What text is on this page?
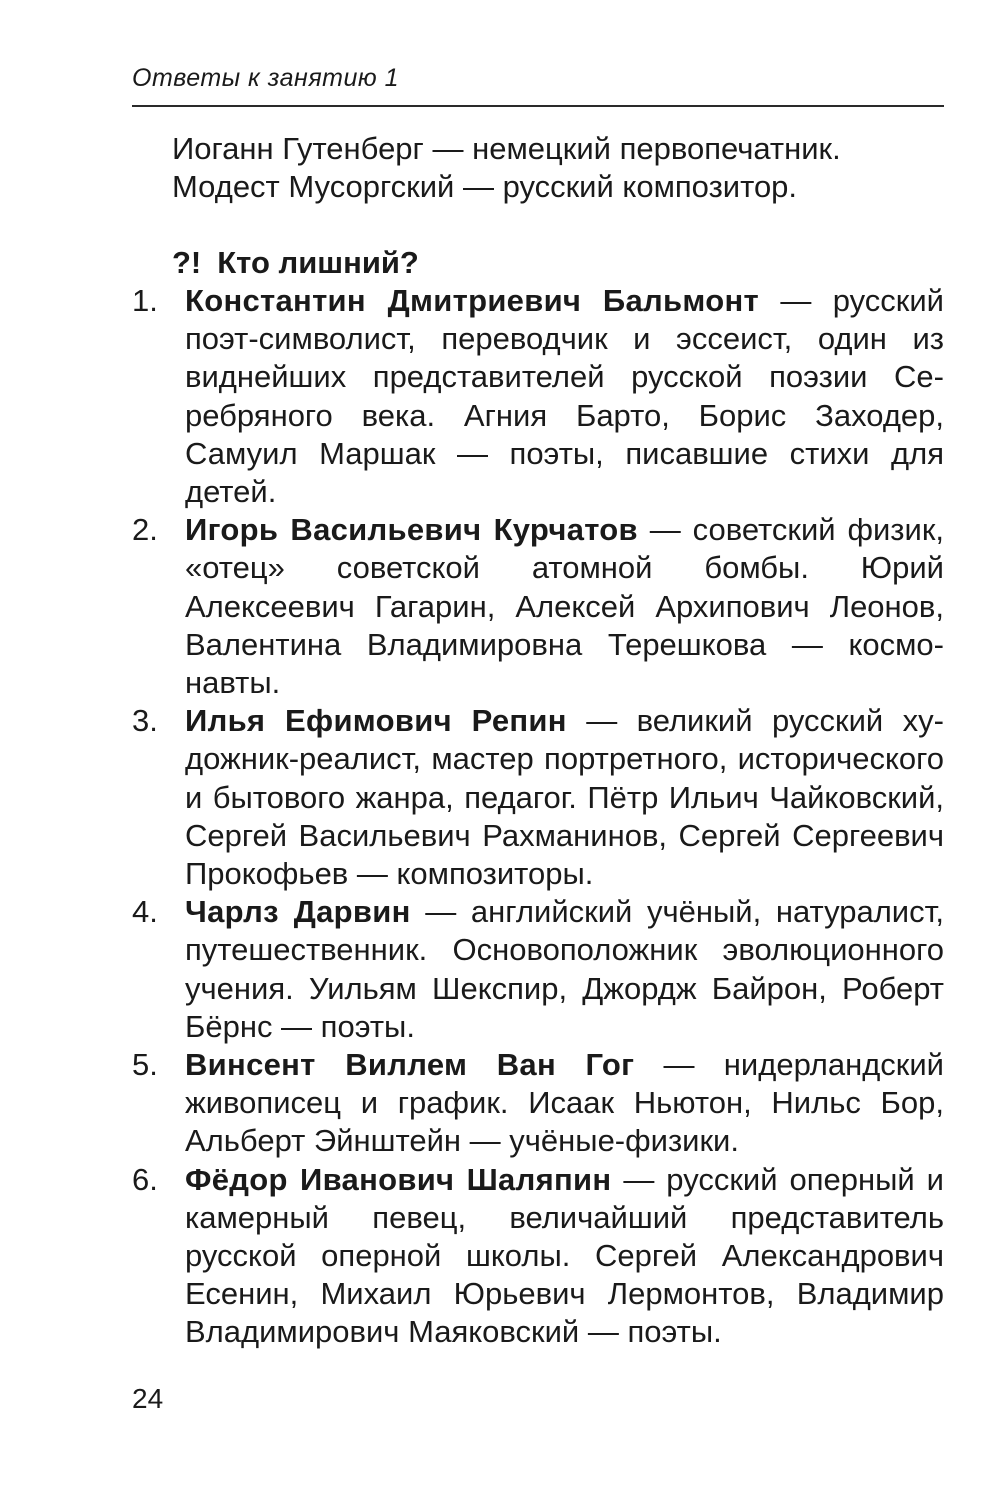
Ответы к занятию 1

Иоганн Гутенберг — немецкий первопечатник.

Модест Мусоргский — русский композитор.

?! Кто лишний?
1. Константин Дмитриевич Бальмонт — русский поэт-символист, переводчик и эссеист, один из виднейших представителей русской поэзии Серебряного века. Агния Барто, Борис Заходер, Самуил Маршак — поэты, писавшие стихи для детей.
2. Игорь Васильевич Курчатов — советский физик, «отец» советской атомной бомбы. Юрий Алексеевич Гагарин, Алексей Архипович Леонов, Валентина Владимировна Терешкова — космонавты.
3. Илья Ефимович Репин — великий русский художник-реалист, мастер портретного, исторического и бытового жанра, педагог. Пётр Ильич Чайковский, Сергей Васильевич Рахманинов, Сергей Сергеевич Прокофьев — композиторы.
4. Чарлз Дарвин — английский учёный, натуралист, путешественник. Основоположник эволюционного учения. Уильям Шекспир, Джордж Байрон, Роберт Бёрнс — поэты.
5. Винсент Виллем Ван Гог — нидерландский живописец и график. Исаак Ньютон, Нильс Бор, Альберт Эйнштейн — учёные-физики.
6. Фёдор Иванович Шаляпин — русский оперный и камерный певец, величайший представитель русской оперной школы. Сергей Александрович Есенин, Михаил Юрьевич Лермонтов, Владимир Владимирович Маяковский — поэты.
24
